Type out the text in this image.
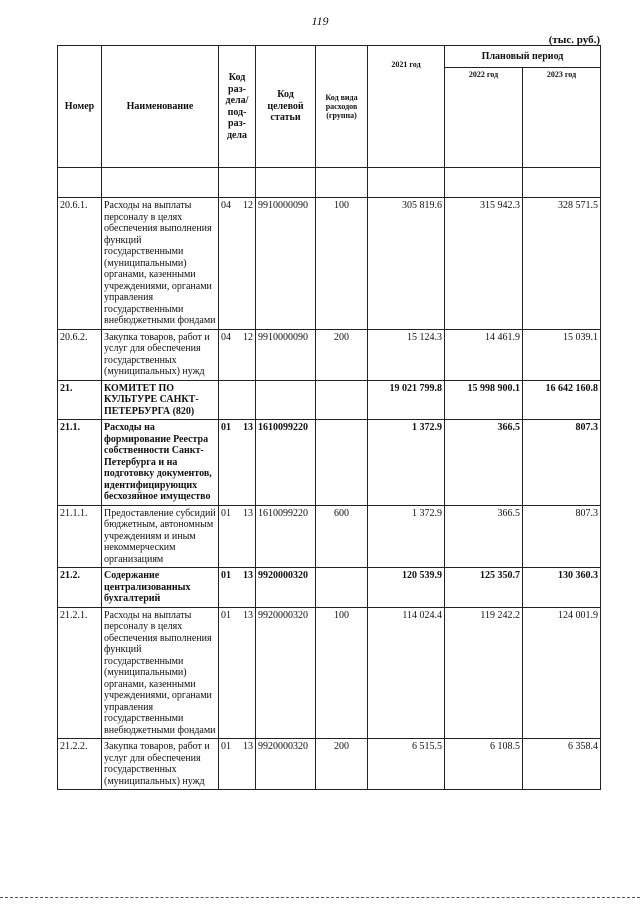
119
(тыс. руб.)
Номер	Наименование	Код раз-дела/ под-раз-дела	Код целевой статьи	Код вида расходов (группа)	2021 год	Плановый период	
						2022 год	2023 год

20.6.1.	Расходы на выплаты персоналу в целях обеспечения выполнения функций государственными (муниципальными) органами, казенными учреждениями, органами управления государственными внебюджетными фондами	04 12	9910000090	100	305 819.6	315 942.3	328 571.5
20.6.2.	Закупка товаров, работ и услуг для обеспечения государственных (муниципальных) нужд	04 12	9910000090	200	15 124.3	14 461.9	15 039.1
21.	КОМИТЕТ ПО КУЛЬТУРЕ САНКТ-ПЕТЕРБУРГА (820)				19 021 799.8	15 998 900.1	16 642 160.8
21.1.	Расходы на формирование Реестра собственности Санкт-Петербурга и на подготовку документов, идентифицирующих бесхозяйное имущество	01 13	1610099220		1 372.9	366.5	807.3
21.1.1.	Предоставление субсидий бюджетным, автономным учреждениям и иным некоммерческим организациям	01 13	1610099220	600	1 372.9	366.5	807.3
21.2.	Содержание централизованных бухгалтерий	01 13	9920000320		120 539.9	125 350.7	130 360.3
21.2.1.	Расходы на выплаты персоналу в целях обеспечения выполнения функций государственными (муниципальными) органами, казенными учреждениями, органами управления государственными внебюджетными фондами	01 13	9920000320	100	114 024.4	119 242.2	124 001.9
21.2.2.	Закупка товаров, работ и услуг для обеспечения государственных (муниципальных) нужд	01 13	9920000320	200	6 515.5	6 108.5	6 358.4
